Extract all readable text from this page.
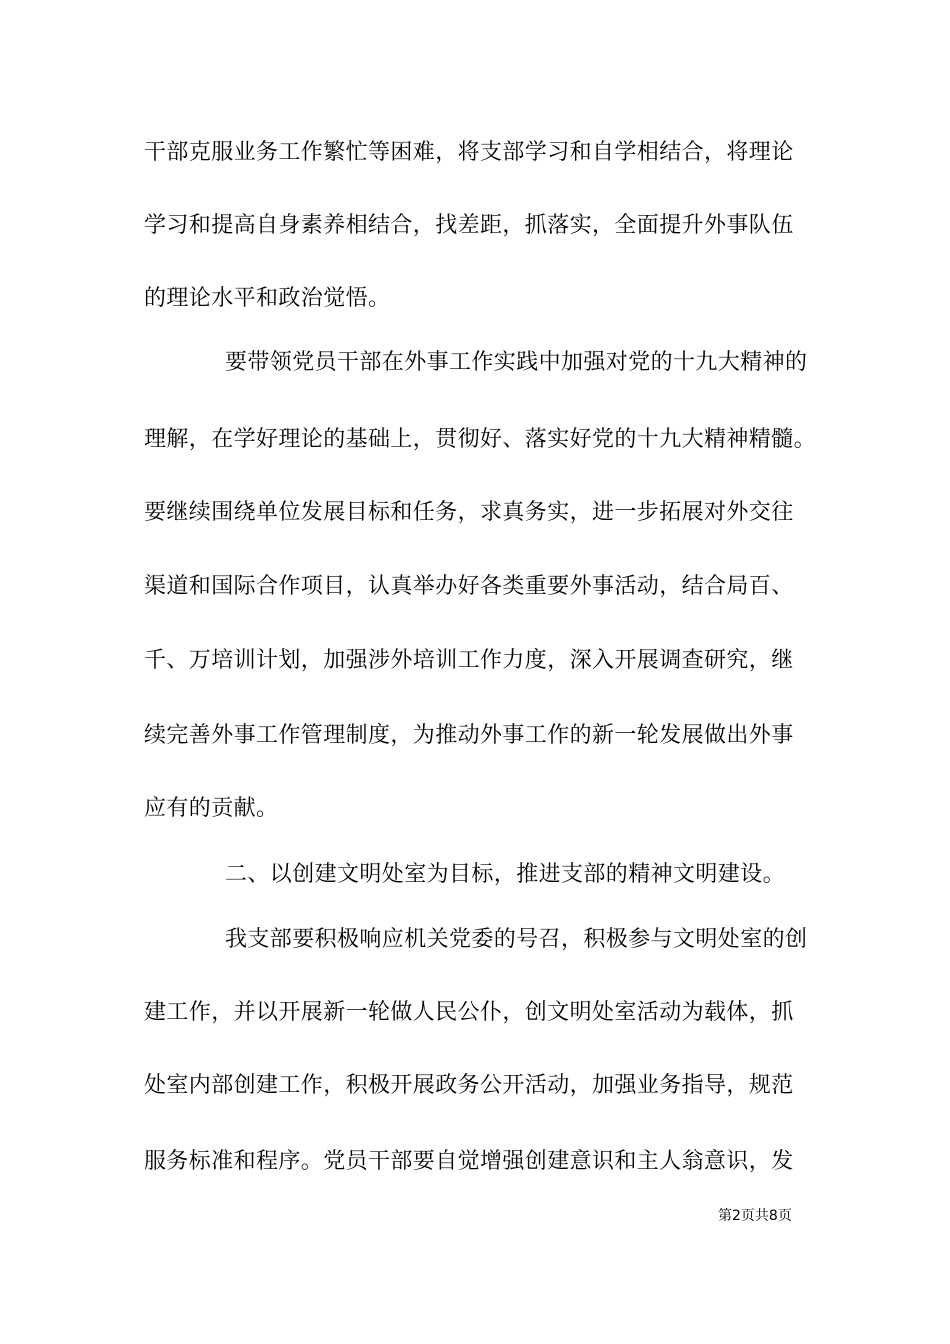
干部克服业务工作繁忙等困难，将支部学习和自学相结合，将理论
学习和提高自身素养相结合，找差距，抓落实，全面提升外事队伍
的理论水平和政治觉悟。
要带领党员干部在外事工作实践中加强对党的十九大精神的
理解，在学好理论的基础上，贯彻好、落实好党的十九大精神精髓。
要继续围绕单位发展目标和任务，求真务实，进一步拓展对外交往
渠道和国际合作项目，认真举办好各类重要外事活动，结合局百、
千、万培训计划，加强涉外培训工作力度，深入开展调查研究，继
续完善外事工作管理制度，为推动外事工作的新一轮发展做出外事
应有的贡献。
二、以创建文明处室为目标，推进支部的精神文明建设。
我支部要积极响应机关党委的号召，积极参与文明处室的创
建工作，并以开展新一轮做人民公仆，创文明处室活动为载体，抓
处室内部创建工作，积极开展政务公开活动，加强业务指导，规范
服务标准和程序。党员干部要自觉增强创建意识和主人翁意识，发
第2页共8页
